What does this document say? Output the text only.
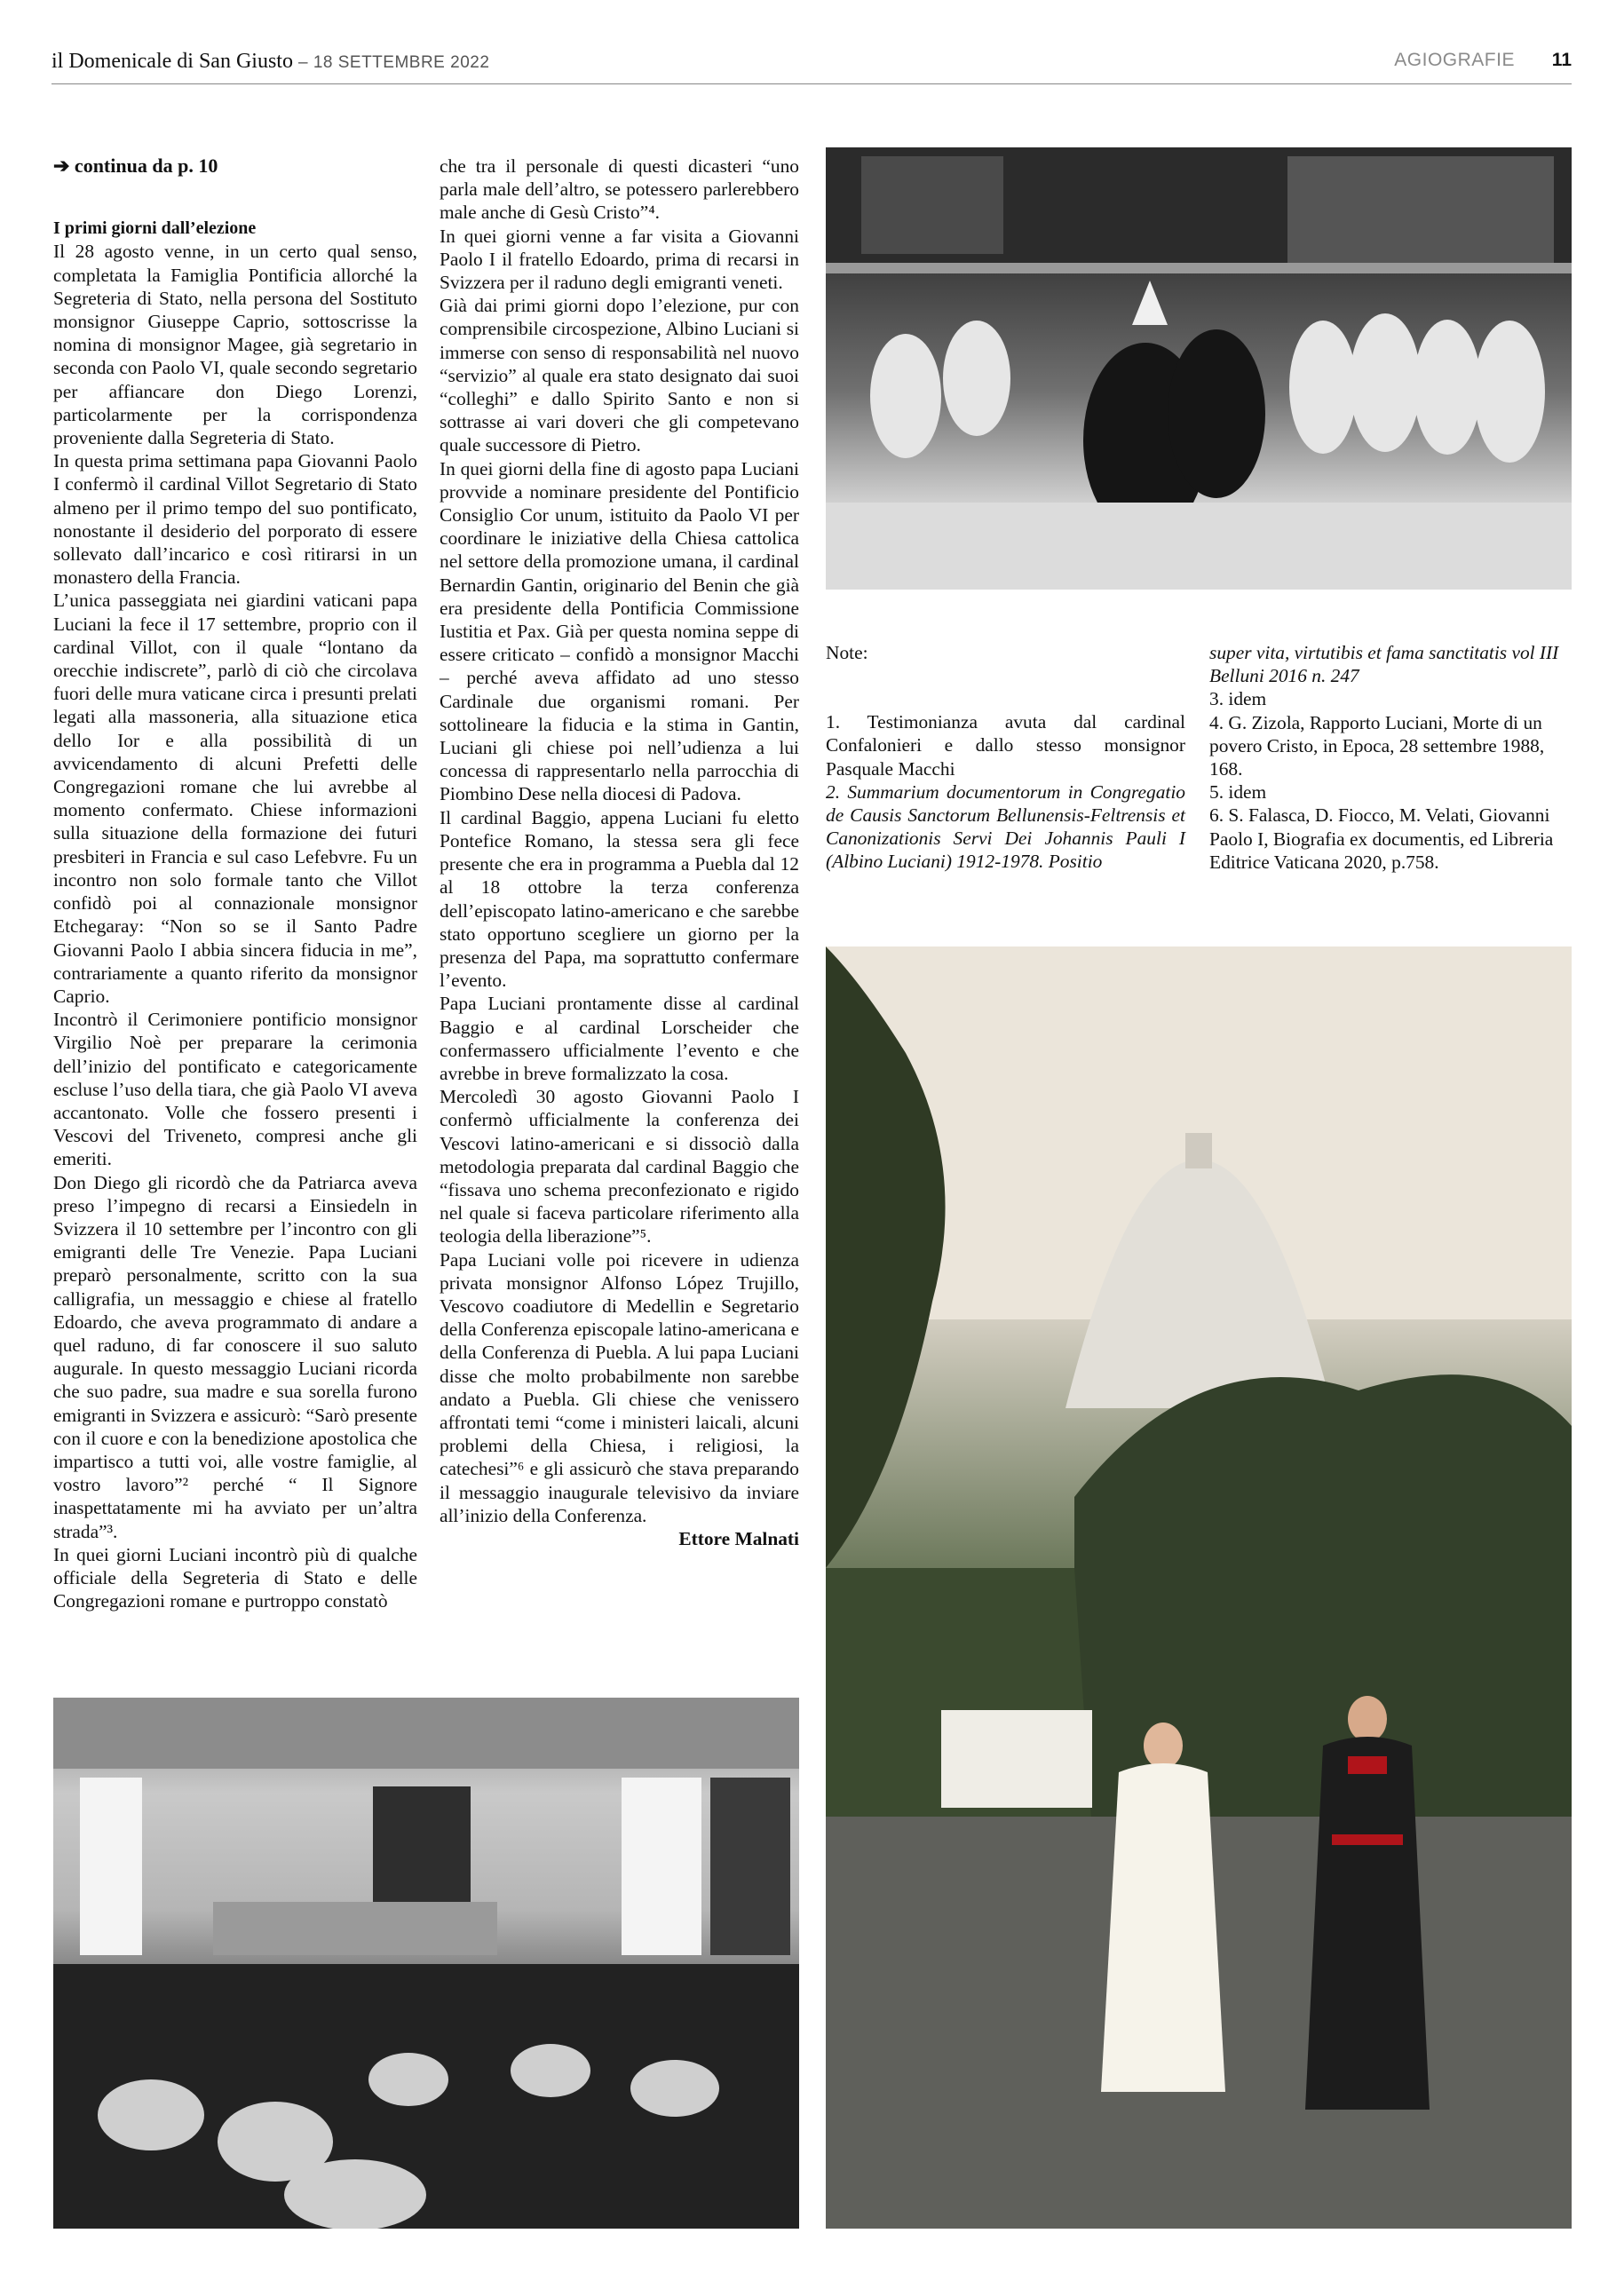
il Domenicale di San Giusto – 18 SETTEMBRE 2022	AGIOGRAFIE 11

➔ continua da p. 10

I primi giorni dall’elezione

Il 28 agosto venne, in un certo qual senso, completata la Famiglia Pontificia allorché la Segreteria di Stato, nella persona del Sostituto monsignor Giuseppe Caprio, sottoscrisse la nomina di monsignor Magee, già segretario in seconda con Paolo VI, quale secondo segretario per affiancare don Diego Lorenzi, particolarmente per la corrispondenza proveniente dalla Segreteria di Stato.

In questa prima settimana papa Giovanni Paolo I confermò il cardinal Villot Segretario di Stato almeno per il primo tempo del suo pontificato, nonostante il desiderio del porporato di essere sollevato dall’incarico e così ritirarsi in un monastero della Francia.

L’unica passeggiata nei giardini vaticani papa Luciani la fece il 17 settembre, proprio con il cardinal Villot, con il quale “lontano da orecchie indiscrete”, parlò di ciò che circolava fuori delle mura vaticane circa i presunti prelati legati alla massoneria, alla situazione etica dello Ior e alla possibilità di un avvicendamento di alcuni Prefetti delle Congregazioni romane che lui avrebbe al momento confermato. Chiese informazioni sulla situazione della formazione dei futuri presbiteri in Francia e sul caso Lefebvre. Fu un incontro non solo formale tanto che Villot confidò poi al connazionale monsignor Etchegaray: “Non so se il Santo Padre Giovanni Paolo I abbia sincera fiducia in me”, contrariamente a quanto riferito da monsignor Caprio.

Incontrò il Cerimoniere pontificio monsignor Virgilio Noè per preparare la cerimonia dell’inizio del pontificato e categoricamente escluse l’uso della tiara, che già Paolo VI aveva accantonato. Volle che fossero presenti i Vescovi del Triveneto, compresi anche gli emeriti.

Don Diego gli ricordò che da Patriarca aveva preso l’impegno di recarsi a Einsiedeln in Svizzera il 10 settembre per l’incontro con gli emigranti delle Tre Venezie. Papa Luciani preparò personalmente, scritto con la sua calligrafia, un messaggio e chiese al fratello Edoardo, che aveva programmato di andare a quel raduno, di far conoscere il suo saluto augurale. In questo messaggio Luciani ricorda che suo padre, sua madre e sua sorella furono emigranti in Svizzera e assicurò: “Sarò presente con il cuore e con la benedizione apostolica che impartisco a tutti voi, alle vostre famiglie, al vostro lavoro”² perché “ Il Signore inaspettatamente mi ha avviato per un’altra strada”³.

In quei giorni Luciani incontrò più di qualche officiale della Segreteria di Stato e delle Congregazioni romane e purtroppo constatò

che tra il personale di questi dicasteri “uno parla male dell’altro, se potessero parlerebbero male anche di Gesù Cristo”⁴.

In quei giorni venne a far visita a Giovanni Paolo I il fratello Edoardo, prima di recarsi in Svizzera per il raduno degli emigranti veneti.

Già dai primi giorni dopo l’elezione, pur con comprensibile circospezione, Albino Luciani si immerse con senso di responsabilità nel nuovo “servizio” al quale era stato designato dai suoi “colleghi” e dallo Spirito Santo e non si sottrasse ai vari doveri che gli competevano quale successore di Pietro.

In quei giorni della fine di agosto papa Luciani provvide a nominare presidente del Pontificio Consiglio Cor unum, istituito da Paolo VI per coordinare le iniziative della Chiesa cattolica nel settore della promozione umana, il cardinal Bernardin Gantin, originario del Benin che già era presidente della Pontificia Commissione Iustitia et Pax. Già per questa nomina seppe di essere criticato – confidò a monsignor Macchi – perché aveva affidato ad uno stesso Cardinale due organismi romani. Per sottolineare la fiducia e la stima in Gantin, Luciani gli chiese poi nell’udienza a lui concessa di rappresentarlo nella parrocchia di Piombino Dese nella diocesi di Padova.

Il cardinal Baggio, appena Luciani fu eletto Pontefice Romano, la stessa sera gli fece presente che era in programma a Puebla dal 12 al 18 ottobre la terza conferenza dell’episcopato latino-americano e che sarebbe stato opportuno scegliere un giorno per la presenza del Papa, ma soprattutto confermare l’evento.

Papa Luciani prontamente disse al cardinal Baggio e al cardinal Lorscheider che confermassero ufficialmente l’evento e che avrebbe in breve formalizzato la cosa.

Mercoledì 30 agosto Giovanni Paolo I confermò ufficialmente la conferenza dei Vescovi latino-americani e si dissociò dalla metodologia preparata dal cardinal Baggio che “fissava uno schema preconfezionato e rigido nel quale si faceva particolare riferimento alla teologia della liberazione”⁵.

Papa Luciani volle poi ricevere in udienza privata monsignor Alfonso López Trujillo, Vescovo coadiutore di Medellin e Segretario della Conferenza episcopale latino-americana e della Conferenza di Puebla. A lui papa Luciani disse che molto probabilmente non sarebbe andato a Puebla. Gli chiese che venissero affrontati temi “come i ministeri laicali, alcuni problemi della Chiesa, i religiosi, la catechesi”⁶ e gli assicurò che stava preparando il messaggio inaugurale televisivo da inviare all’inizio della Conferenza.

Ettore Malnati

Note:

1. Testimonianza avuta dal cardinal Confalonieri e dallo stesso monsignor Pasquale Macchi

2. Summarium documentorum in Congregatio de Causis Sanctorum Bellunensis-Feltrensis et Canonizationis Servi Dei Johannis Pauli I (Albino Luciani) 1912-1978. Positio

super vita, virtutibis et fama sanctitatis vol III Belluni 2016 n. 247

3. idem

4. G. Zizola, Rapporto Luciani, Morte di un povero Cristo, in Epoca, 28 settembre 1988, 168.

5. idem

6. S. Falasca, D. Fiocco, M. Velati, Giovanni Paolo I, Biografia ex documentis, ed Libreria Editrice Vaticana 2020, p.758.
